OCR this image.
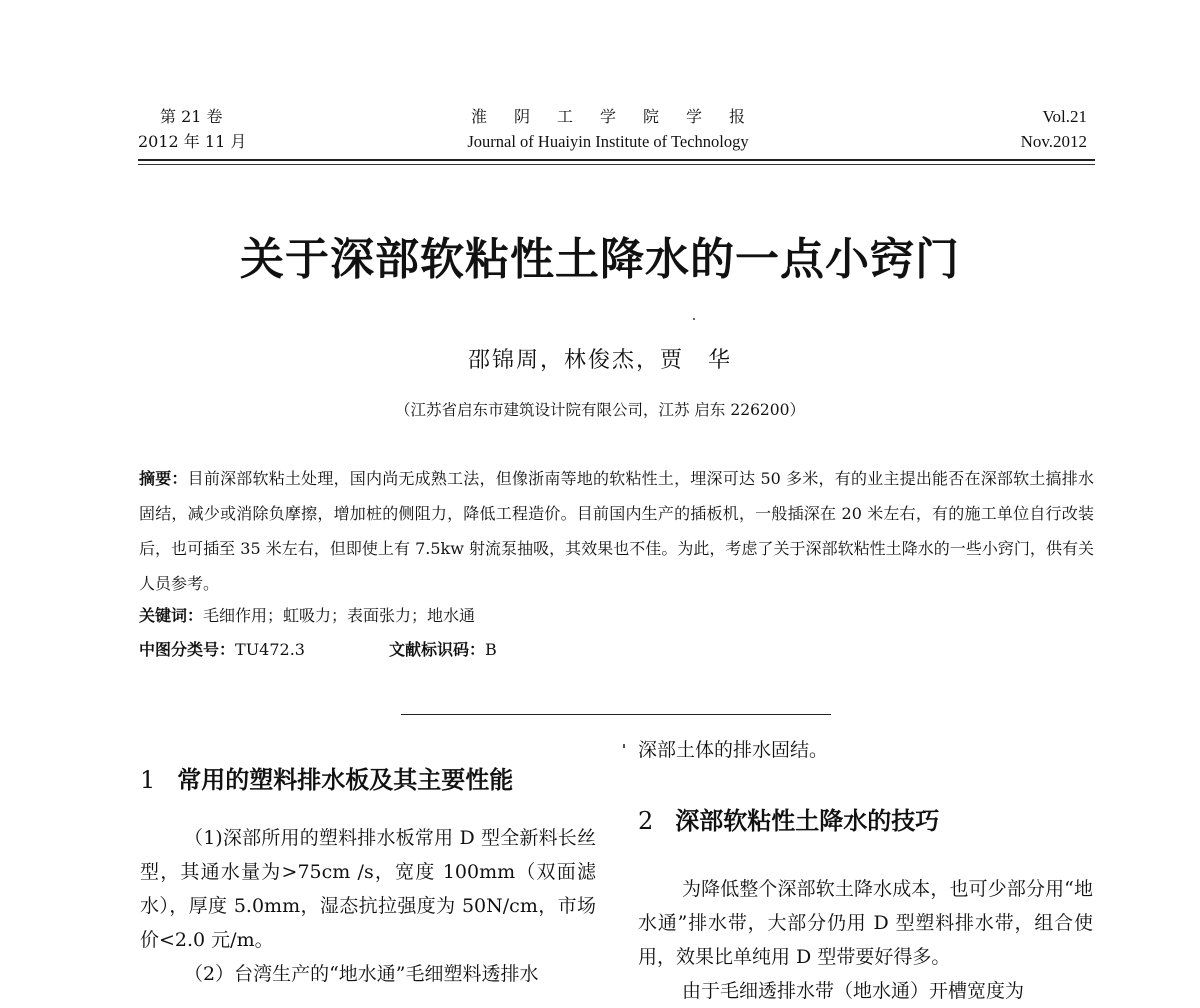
第 21 卷
2012 年 11 月
淮阴工学院学报
Journal of Huaiyin Institute of Technology
Vol.21
Nov.2012
关于深部软粘性土降水的一点小窍门
邵锦周，林俊杰，贾　华
（江苏省启东市建筑设计院有限公司，江苏 启东 226200）
摘要：目前深部软粘土处理，国内尚无成熟工法，但像浙南等地的软粘性土，埋深可达 50 多米，有的业主提出能否在深部软土搞排水固结，减少或消除负摩擦，增加桩的侧阻力，降低工程造价。目前国内生产的插板机，一般插深在 20 米左右，有的施工单位自行改装后，也可插至 35 米左右，但即使上有 7.5kw 射流泵抽吸，其效果也不佳。为此，考虑了关于深部软粘性土降水的一些小窍门，供有关人员参考。
关键词：毛细作用；虹吸力；表面张力；地水通
中图分类号：TU472.3	文献标识码：B
1 常用的塑料排水板及其主要性能

（1)深部所用的塑料排水板常用 D 型全新料长丝型，其通水量为>75cm /s，宽度 100mm（双面滤水），厚度 5.0mm，湿态抗拉强度为 50N/cm，市场价<2.0 元/m。

（2）台湾生产的“地水通”毛细塑料透排水

深部土体的排水固结。

2 深部软粘性土降水的技巧

为降低整个深部软土降水成本，也可少部分用“地水通”排水带，大部分仍用 D 型塑料排水带，组合使用，效果比单纯用 D 型带要好得多。

由于毛细透排水带（地水通）开槽宽度为
